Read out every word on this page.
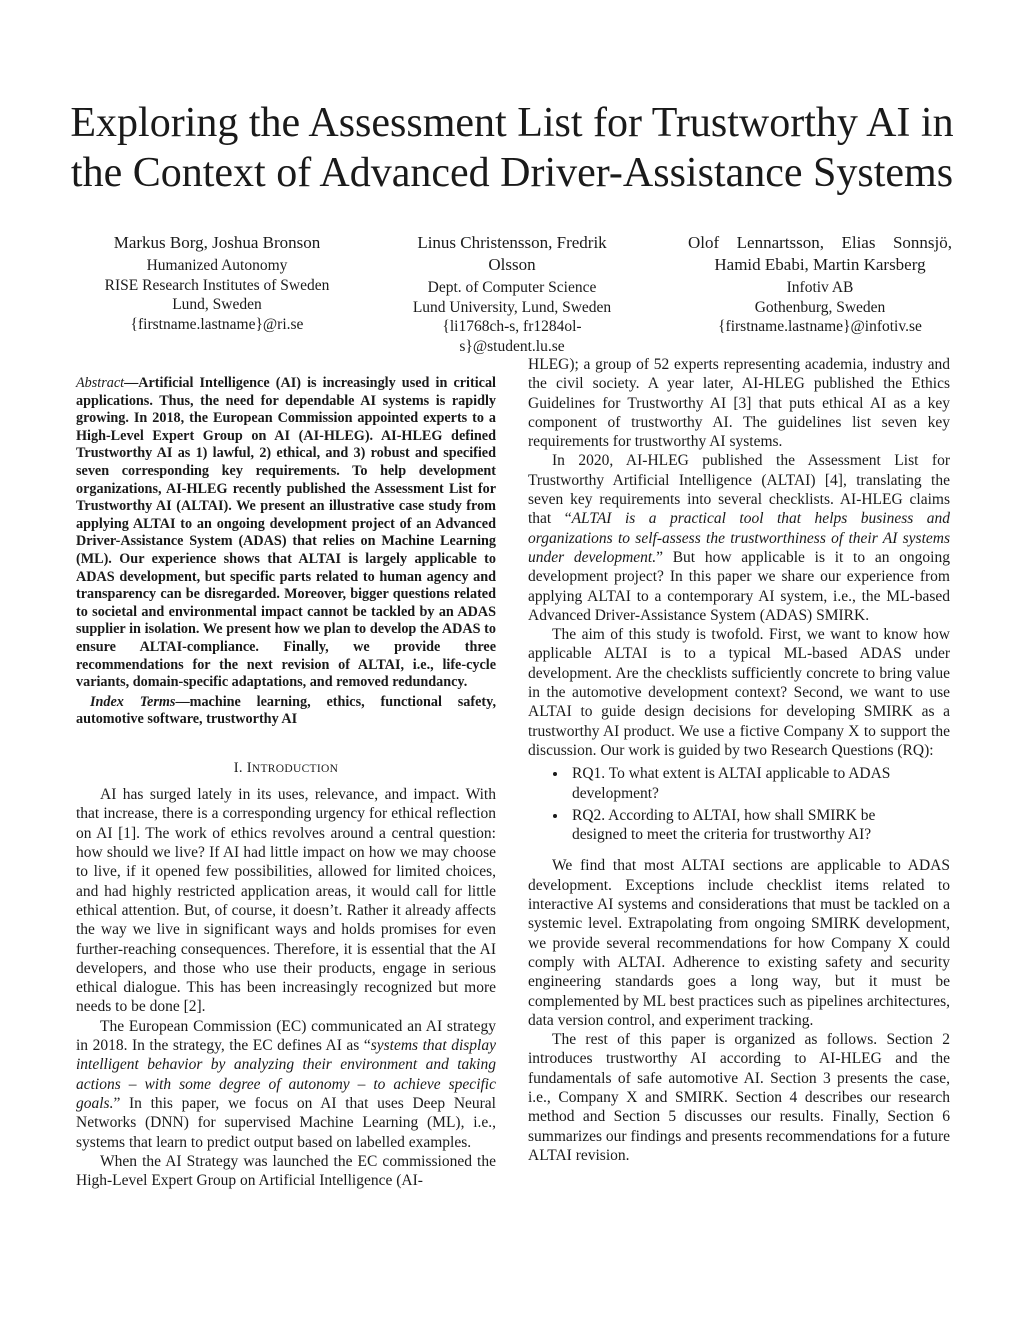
Exploring the Assessment List for Trustworthy AI in
the Context of Advanced Driver-Assistance Systems
Markus Borg, Joshua Bronson
Humanized Autonomy
RISE Research Institutes of Sweden
Lund, Sweden
{firstname.lastname}@ri.se
Linus Christensson, Fredrik Olsson
Dept. of Computer Science
Lund University, Lund, Sweden
{li1768ch-s, fr1284ol-
s}@student.lu.se
Olof Lennartsson, Elias Sonnsjö, Hamid Ebabi, Martin Karsberg
Infotiv AB
Gothenburg, Sweden
{firstname.lastname}@infotiv.se

Abstract—Artificial Intelligence (AI) is increasingly used in critical applications. Thus, the need for dependable AI systems is rapidly growing. In 2018, the European Commission appointed experts to a High-Level Expert Group on AI (AI-HLEG). AI-HLEG defined Trustworthy AI as 1) lawful, 2) ethical, and 3) robust and specified seven corresponding key requirements. To help development organizations, AI-HLEG recently published the Assessment List for Trustworthy AI (ALTAI). We present an illustrative case study from applying ALTAI to an ongoing development project of an Advanced Driver-Assistance System (ADAS) that relies on Machine Learning (ML). Our experience shows that ALTAI is largely applicable to ADAS development, but specific parts related to human agency and transparency can be disregarded. Moreover, bigger questions related to societal and environmental impact cannot be tackled by an ADAS supplier in isolation. We present how we plan to develop the ADAS to ensure ALTAI-compliance. Finally, we provide three recommendations for the next revision of ALTAI, i.e., life-cycle variants, domain-specific adaptations, and removed redundancy.

Index Terms—machine learning, ethics, functional safety, automotive software, trustworthy AI

I. INTRODUCTION

AI has surged lately in its uses, relevance, and impact. With that increase, there is a corresponding urgency for ethical reflection on AI [1]. The work of ethics revolves around a central question: how should we live? If AI had little impact on how we may choose to live, if it opened few possibilities, allowed for limited choices, and had highly restricted application areas, it would call for little ethical attention. But, of course, it doesn’t. Rather it already affects the way we live in significant ways and holds promises for even further-reaching consequences. Therefore, it is essential that the AI developers, and those who use their products, engage in serious ethical dialogue. This has been increasingly recognized but more needs to be done [2].

The European Commission (EC) communicated an AI strategy in 2018. In the strategy, the EC defines AI as “systems that display intelligent behavior by analyzing their environment and taking actions – with some degree of autonomy – to achieve specific goals.” In this paper, we focus on AI that uses Deep Neural Networks (DNN) for supervised Machine Learning (ML), i.e., systems that learn to predict output based on labelled examples.

When the AI Strategy was launched the EC commissioned the High-Level Expert Group on Artificial Intelligence (AI-

HLEG); a group of 52 experts representing academia, industry and the civil society. A year later, AI-HLEG published the Ethics Guidelines for Trustworthy AI [3] that puts ethical AI as a key component of trustworthy AI. The guidelines list seven key requirements for trustworthy AI systems.

In 2020, AI-HLEG published the Assessment List for Trustworthy Artificial Intelligence (ALTAI) [4], translating the seven key requirements into several checklists. AI-HLEG claims that “ALTAI is a practical tool that helps business and organizations to self-assess the trustworthiness of their AI systems under development.” But how applicable is it to an ongoing development project? In this paper we share our experience from applying ALTAI to a contemporary AI system, i.e., the ML-based Advanced Driver-Assistance System (ADAS) SMIRK.

The aim of this study is twofold. First, we want to know how applicable ALTAI is to a typical ML-based ADAS under development. Are the checklists sufficiently concrete to bring value in the automotive development context? Second, we want to use ALTAI to guide design decisions for developing SMIRK as a trustworthy AI product. We use a fictive Company X to support the discussion. Our work is guided by two Research Questions (RQ):

• RQ1. To what extent is ALTAI applicable to ADAS development?
• RQ2. According to ALTAI, how shall SMIRK be designed to meet the criteria for trustworthy AI?

We find that most ALTAI sections are applicable to ADAS development. Exceptions include checklist items related to interactive AI systems and considerations that must be tackled on a systemic level. Extrapolating from ongoing SMIRK development, we provide several recommendations for how Company X could comply with ALTAI. Adherence to existing safety and security engineering standards goes a long way, but it must be complemented by ML best practices such as pipelines architectures, data version control, and experiment tracking.

The rest of this paper is organized as follows. Section 2 introduces trustworthy AI according to AI-HLEG and the fundamentals of safe automotive AI. Section 3 presents the case, i.e., Company X and SMIRK. Section 4 describes our research method and Section 5 discusses our results. Finally, Section 6 summarizes our findings and presents recommendations for a future ALTAI revision.
